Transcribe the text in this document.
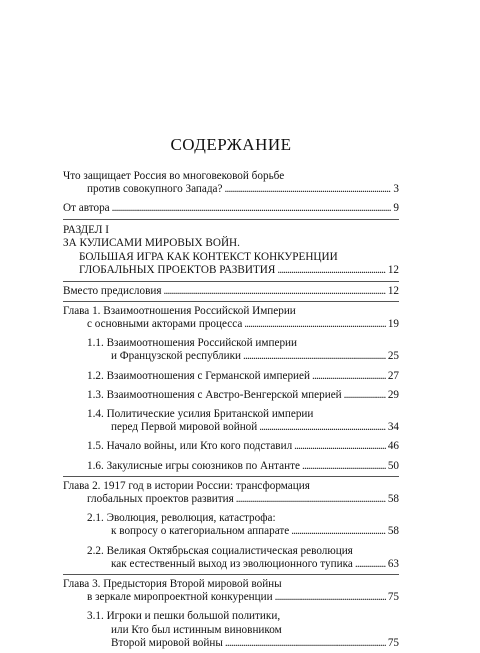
СОДЕРЖАНИЕ
Что защищает Россия во многовековой борьбе
против совокупного Запада? . . .	3
От автора . . .	9
РАЗДЕЛ I
ЗА КУЛИСАМИ МИРОВЫХ ВОЙН.
БОЛЬШАЯ ИГРА КАК КОНТЕКСТ КОНКУРЕНЦИИ
ГЛОБАЛЬНЫХ ПРОЕКТОВ РАЗВИТИЯ . . .	12
Вместо предисловия . . .	12
Глава 1. Взаимоотношения Российской Империи
с основными акторами процесса . . .	19
1.1. Взаимоотношения Российской империи
и Французской республики . . .	25
1.2. Взаимоотношения с Германской империей . . .	27
1.3. Взаимоотношения с Австро-Венгерской мперией . . .	29
1.4. Политические усилия Британской империи
перед Первой мировой войной . . .	34
1.5. Начало войны, или Кто кого подставил . . .	46
1.6. Закулисные игры союзников по Антанте . . .	50
Глава 2. 1917 год в истории России: трансформация
глобальных проектов развития . . .	58
2.1. Эволюция, революция, катастрофа:
к вопросу о категориальном аппарате . . .	58
2.2. Великая Октябрьская социалистическая революция
как естественный выход из эволюционного тупика . . .	63
Глава 3. Предыстория Второй мировой войны
в зеркале миропроектной конкуренции . . .	75
3.1. Игроки и пешки большой политики,
или Кто был истинным виновником
Второй мировой войны . . .	75
